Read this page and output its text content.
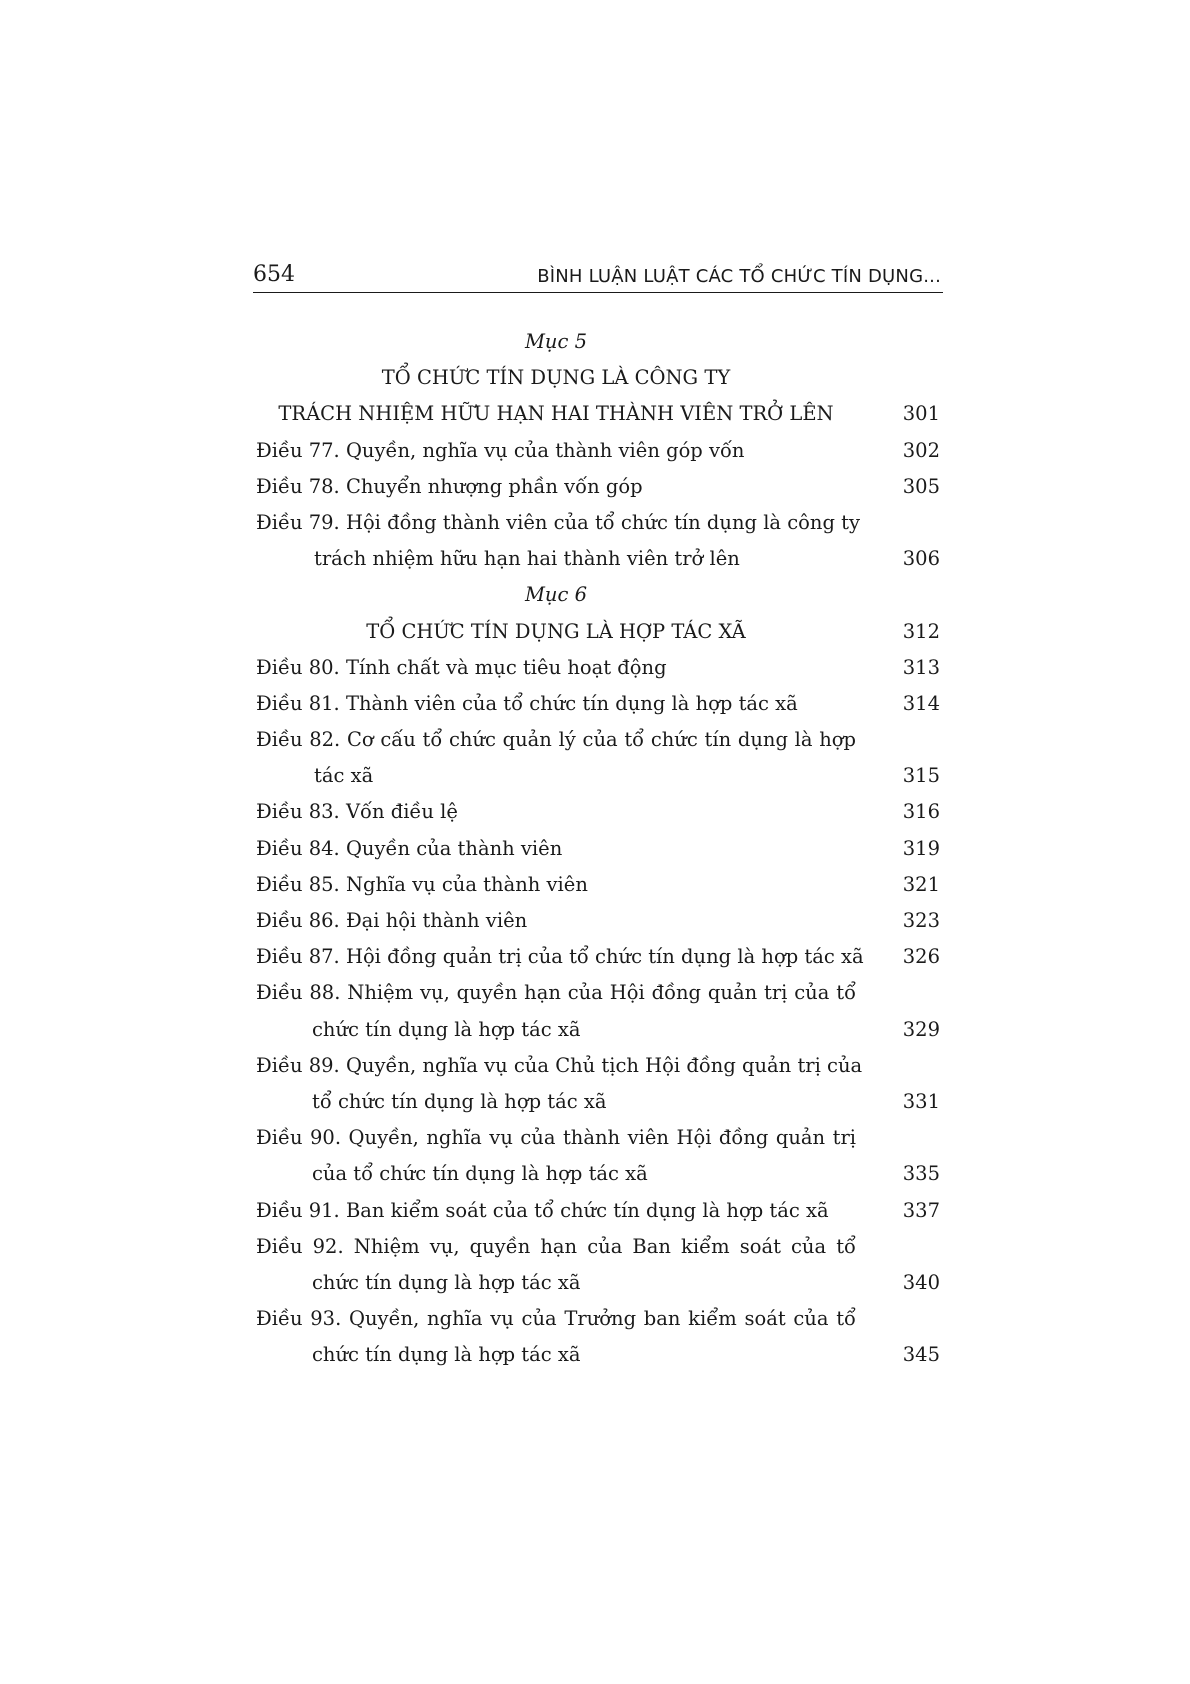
654	BÌNH LUẬN LUẬT CÁC TỔ CHỨC TÍN DỤNG...
Mục 5
TỔ CHỨC TÍN DỤNG LÀ CÔNG TY
TRÁCH NHIỆM HỮU HẠN HAI THÀNH VIÊN TRỞ LÊN	301
Điều 77. Quyền, nghĩa vụ của thành viên góp vốn	302
Điều 78. Chuyển nhượng phần vốn góp	305
Điều 79. Hội đồng thành viên của tổ chức tín dụng là công ty
trách nhiệm hữu hạn hai thành viên trở lên	306
Mục 6
TỔ CHỨC TÍN DỤNG LÀ HỢP TÁC XÃ	312
Điều 80. Tính chất và mục tiêu hoạt động	313
Điều 81. Thành viên của tổ chức tín dụng là hợp tác xã	314
Điều 82. Cơ cấu tổ chức quản lý của tổ chức tín dụng là hợp
tác xã	315
Điều 83. Vốn điều lệ	316
Điều 84. Quyền của thành viên	319
Điều 85. Nghĩa vụ của thành viên	321
Điều 86. Đại hội thành viên	323
Điều 87. Hội đồng quản trị của tổ chức tín dụng là hợp tác xã 326
Điều 88. Nhiệm vụ, quyền hạn của Hội đồng quản trị của tổ
chức tín dụng là hợp tác xã	329
Điều 89. Quyền, nghĩa vụ của Chủ tịch Hội đồng quản trị của
tổ chức tín dụng là hợp tác xã	331
Điều 90. Quyền, nghĩa vụ của thành viên Hội đồng quản trị
của tổ chức tín dụng là hợp tác xã	335
Điều 91. Ban kiểm soát của tổ chức tín dụng là hợp tác xã	337
Điều 92. Nhiệm vụ, quyền hạn của Ban kiểm soát của tổ
chức tín dụng là hợp tác xã	340
Điều 93. Quyền, nghĩa vụ của Trưởng ban kiểm soát của tổ
chức tín dụng là hợp tác xã	345
